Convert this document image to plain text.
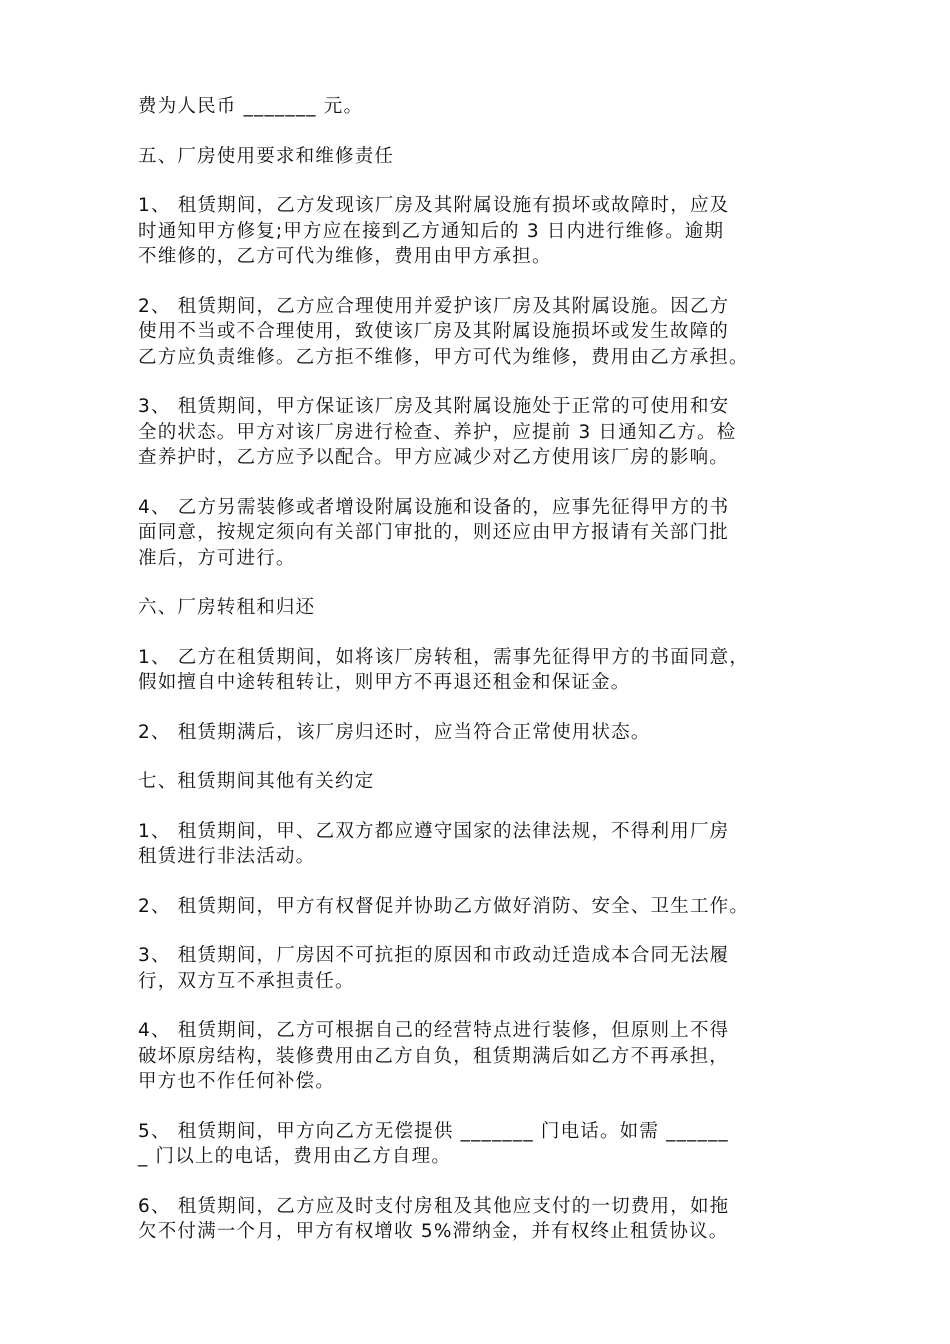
费为人民币 _______ 元。
五、厂房使用要求和维修责任
1、 租赁期间，乙方发现该厂房及其附属设施有损坏或故障时，应及
时通知甲方修复;甲方应在接到乙方通知后的 3 日内进行维修。逾期
不维修的，乙方可代为维修，费用由甲方承担。
2、 租赁期间，乙方应合理使用并爱护该厂房及其附属设施。因乙方
使用不当或不合理使用，致使该厂房及其附属设施损坏或发生故障的
乙方应负责维修。乙方拒不维修，甲方可代为维修，费用由乙方承担。
3、 租赁期间，甲方保证该厂房及其附属设施处于正常的可使用和安
全的状态。甲方对该厂房进行检查、养护，应提前 3 日通知乙方。检
查养护时，乙方应予以配合。甲方应减少对乙方使用该厂房的影响。
4、 乙方另需装修或者增设附属设施和设备的，应事先征得甲方的书
面同意，按规定须向有关部门审批的，则还应由甲方报请有关部门批
准后，方可进行。
六、厂房转租和归还
1、 乙方在租赁期间，如将该厂房转租，需事先征得甲方的书面同意，
假如擅自中途转租转让，则甲方不再退还租金和保证金。
2、 租赁期满后，该厂房归还时，应当符合正常使用状态。
七、租赁期间其他有关约定
1、 租赁期间，甲、乙双方都应遵守国家的法律法规，不得利用厂房
租赁进行非法活动。
2、 租赁期间，甲方有权督促并协助乙方做好消防、安全、卫生工作。
3、 租赁期间，厂房因不可抗拒的原因和市政动迁造成本合同无法履
行，双方互不承担责任。
4、 租赁期间，乙方可根据自己的经营特点进行装修，但原则上不得
破坏原房结构，装修费用由乙方自负，租赁期满后如乙方不再承担，
甲方也不作任何补偿。
5、 租赁期间，甲方向乙方无偿提供 _______ 门电话。如需 ______
_ 门以上的电话，费用由乙方自理。
6、 租赁期间，乙方应及时支付房租及其他应支付的一切费用，如拖
欠不付满一个月，甲方有权增收 5%滞纳金，并有权终止租赁协议。
